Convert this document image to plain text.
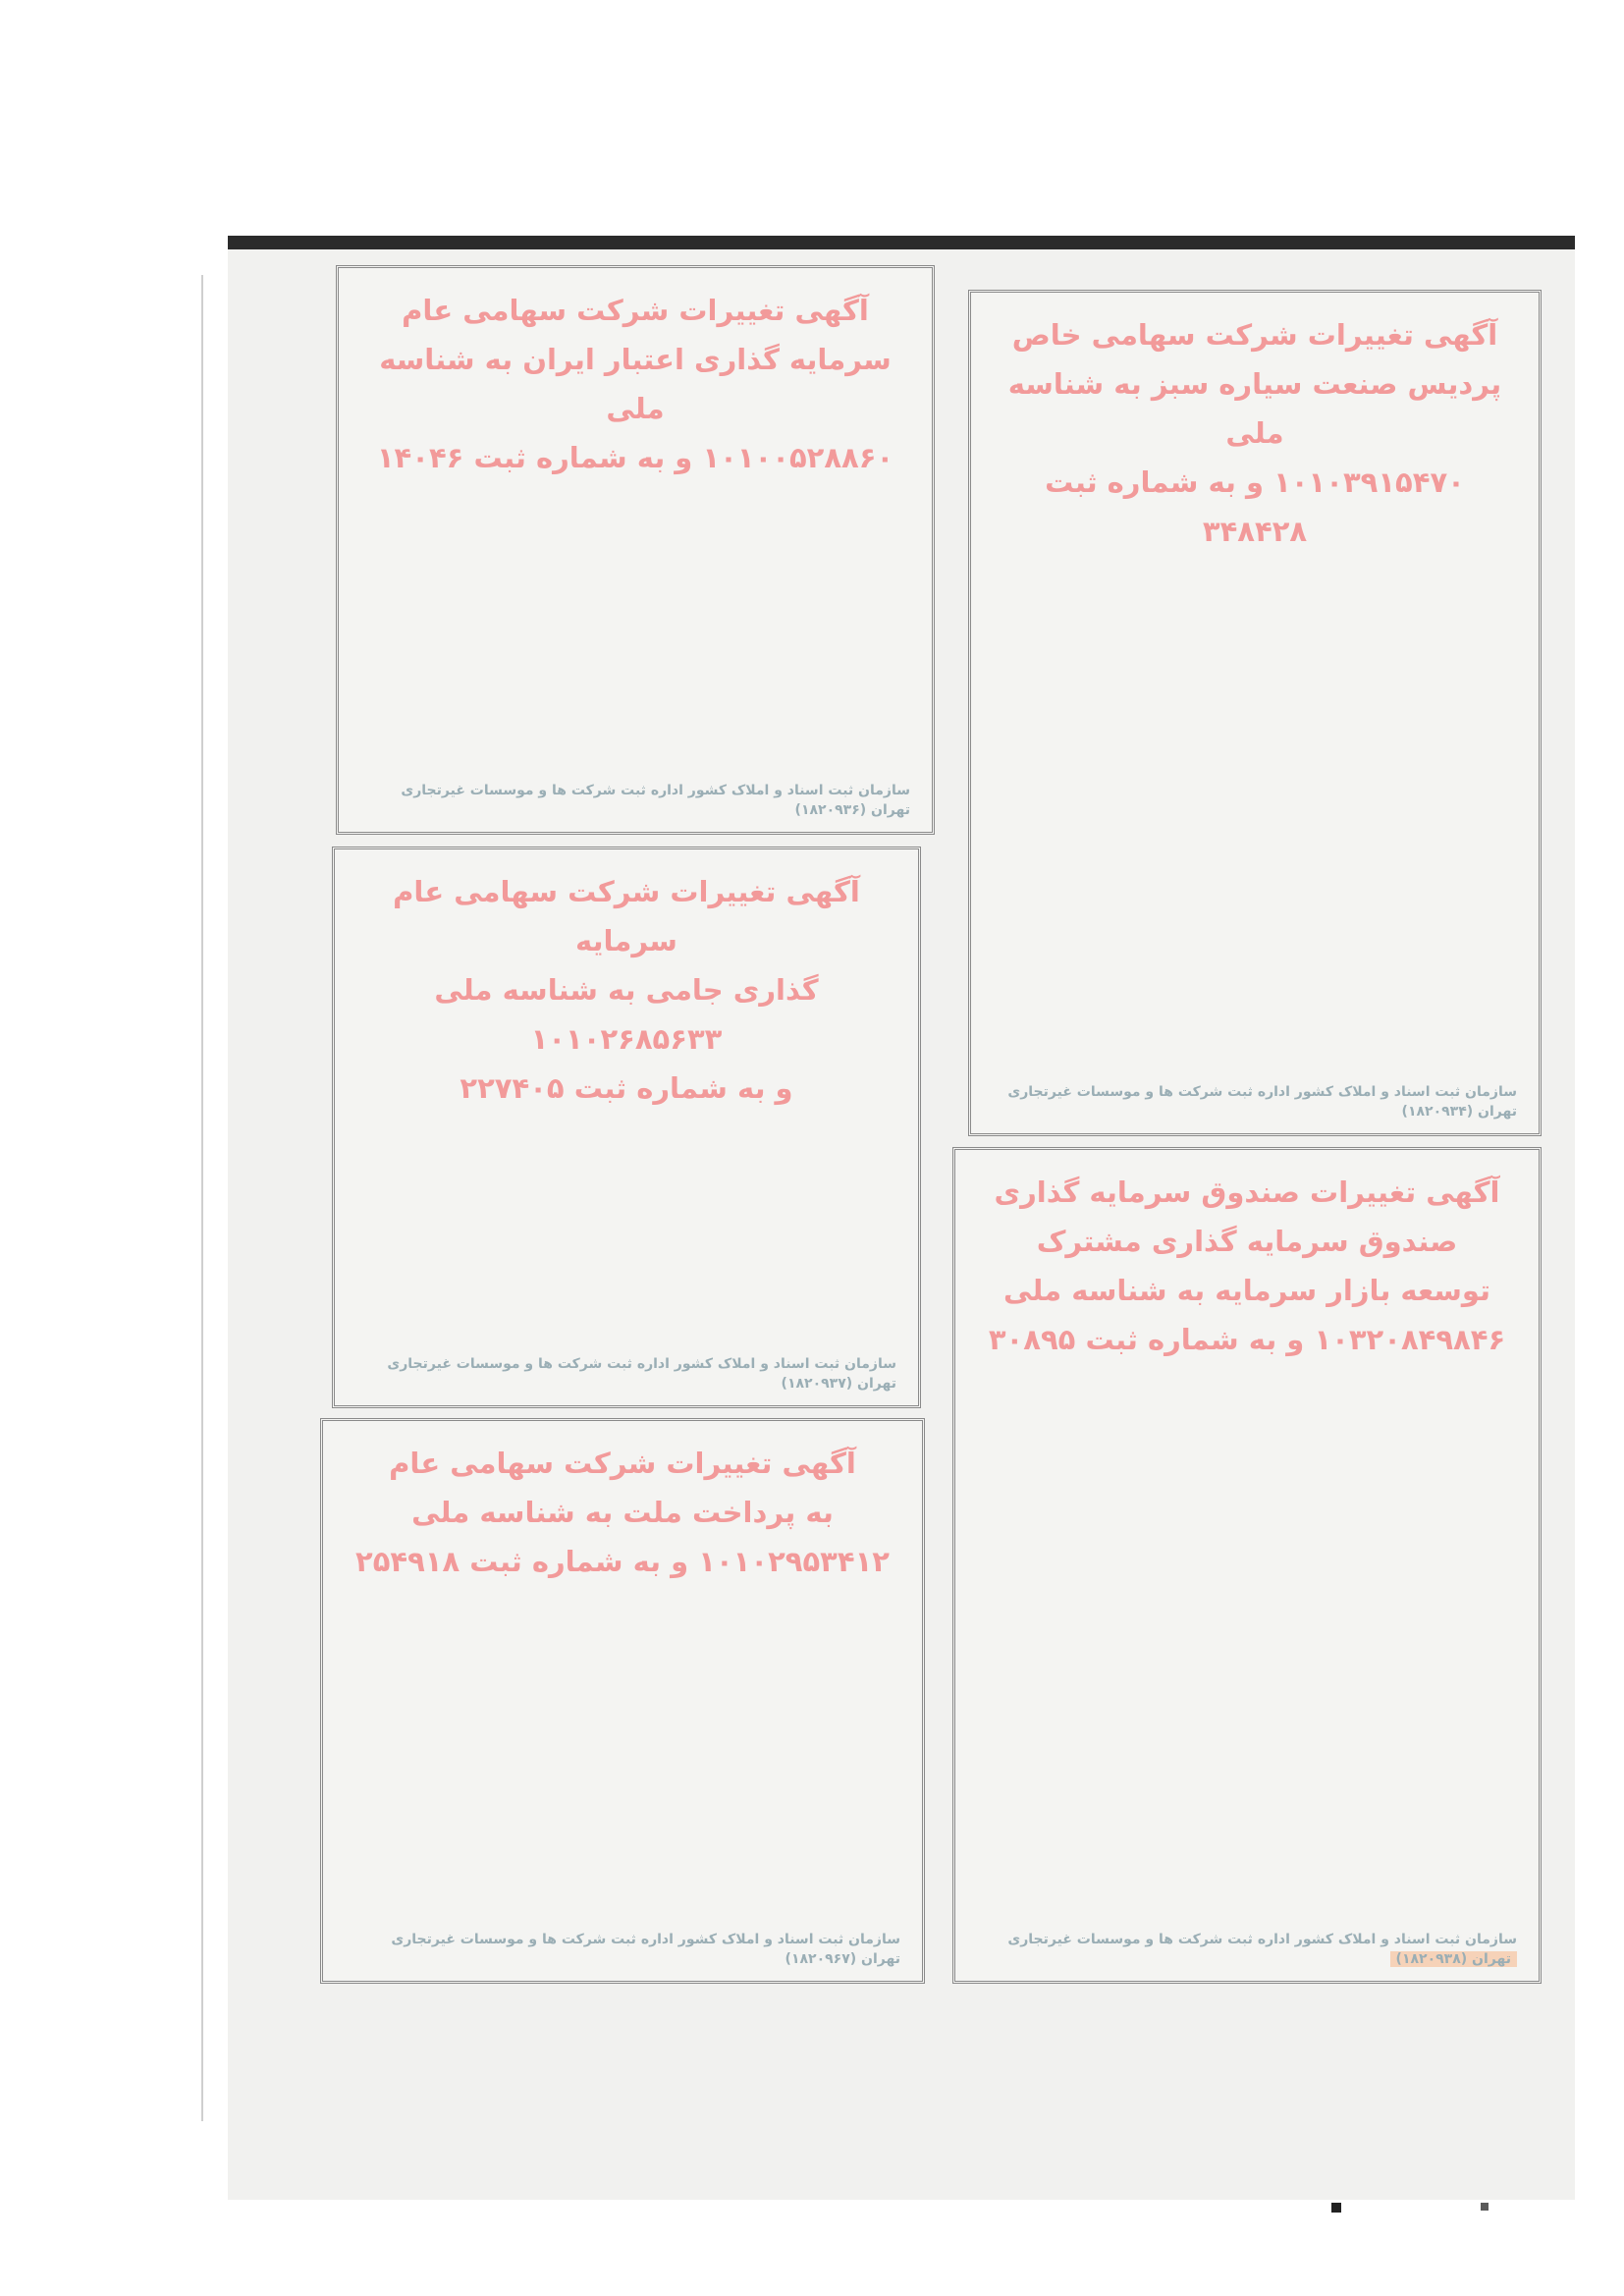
آگهی تغییرات شرکت سهامی خاص
پردیس صنعت سیاره سبز به شناسه ملی
۱۰۱۰۳۹۱۵۴۷۰ و به شماره ثبت ۳۴۸۴۲۸
سازمان ثبت اسناد و املاک کشور اداره ثبت شرکت ها و موسسات غیرتجاری
تهران (۱۸۲۰۹۳۴)
آگهی تغییرات شرکت سهامی عام
سرمایه گذاری اعتبار ایران به شناسه ملی
۱۰۱۰۰۵۲۸۸۶۰ و به شماره ثبت ۱۴۰۴۶
سازمان ثبت اسناد و املاک کشور اداره ثبت شرکت ها و موسسات غیرتجاری
تهران (۱۸۲۰۹۳۶)
آگهی تغییرات شرکت سهامی عام سرمایه
گذاری جامی به شناسه ملی ۱۰۱۰۲۶۸۵۶۳۳
و به شماره ثبت ۲۲۷۴۰۵
سازمان ثبت اسناد و املاک کشور اداره ثبت شرکت ها و موسسات غیرتجاری
تهران (۱۸۲۰۹۳۷)
آگهی تغییرات صندوق سرمایه گذاری
صندوق سرمایه گذاری مشترک
توسعه بازار سرمایه به شناسه ملی
۱۰۳۲۰۸۴۹۸۴۶ و به شماره ثبت ۳۰۸۹۵
سازمان ثبت اسناد و املاک کشور اداره ثبت شرکت ها و موسسات غیرتجاری
تهران (۱۸۲۰۹۳۸)
آگهی تغییرات شرکت سهامی عام
به پرداخت ملت به شناسه ملی
۱۰۱۰۲۹۵۳۴۱۲ و به شماره ثبت ۲۵۴۹۱۸
سازمان ثبت اسناد و املاک کشور اداره ثبت شرکت ها و موسسات غیرتجاری
تهران (۱۸۲۰۹۶۷)
